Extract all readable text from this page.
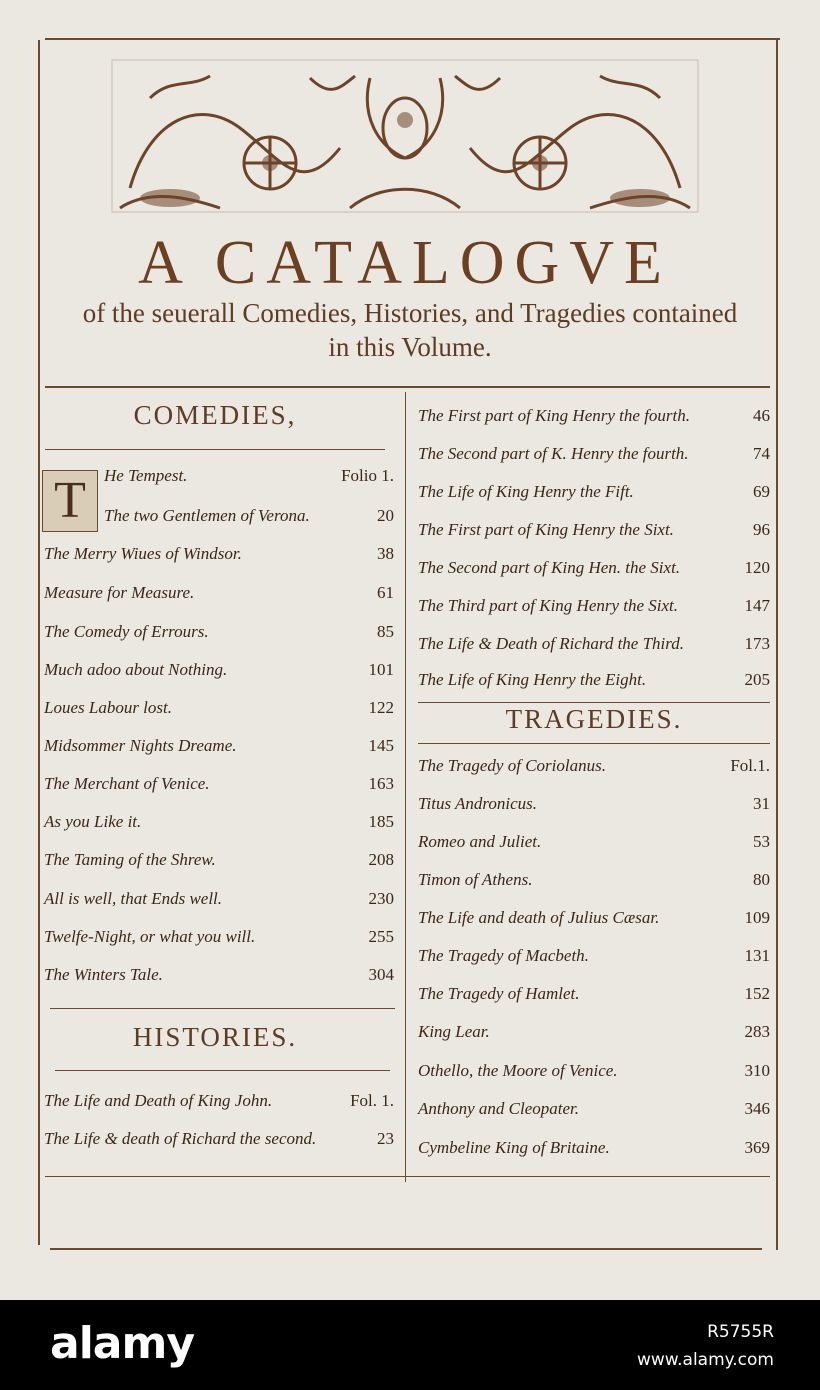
A CATALOGVE
of the seuerall Comedies, Histories, and Tragedies contained in this Volume.
COMEDIES,
T	He Tempest.	Folio 1.
The two Gentlemen of Verona.	20
The Merry Wiues of Windsor.	38
Measure for Measure.	61
The Comedy of Errours.	85
Much adoo about Nothing.	101
Loues Labour lost.	122
Midsommer Nights Dreame.	145
The Merchant of Venice.	163
As you Like it.	185
The Taming of the Shrew.	208
All is well, that Ends well.	230
Twelfe-Night, or what you will.	255
The Winters Tale.	304
HISTORIES.
The Life and Death of King John.	Fol. 1.
The Life & death of Richard the second.	23
The First part of King Henry the fourth.	46
The Second part of K. Henry the fourth.	74
The Life of King Henry the Fift.	69
The First part of King Henry the Sixt.	96
The Second part of King Hen. the Sixt.	120
The Third part of King Henry the Sixt.	147
The Life & Death of Richard the Third.	173
The Life of King Henry the Eight.	205
TRAGEDIES.
The Tragedy of Coriolanus.	Fol.1.
Titus Andronicus.	31
Romeo and Juliet.	53
Timon of Athens.	80
The Life and death of Julius Cæsar.	109
The Tragedy of Macbeth.	131
The Tragedy of Hamlet.	152
King Lear.	283
Othello, the Moore of Venice.	310
Anthony and Cleopater.	346
Cymbeline King of Britaine.	369
alamy	R5755R
www.alamy.com
